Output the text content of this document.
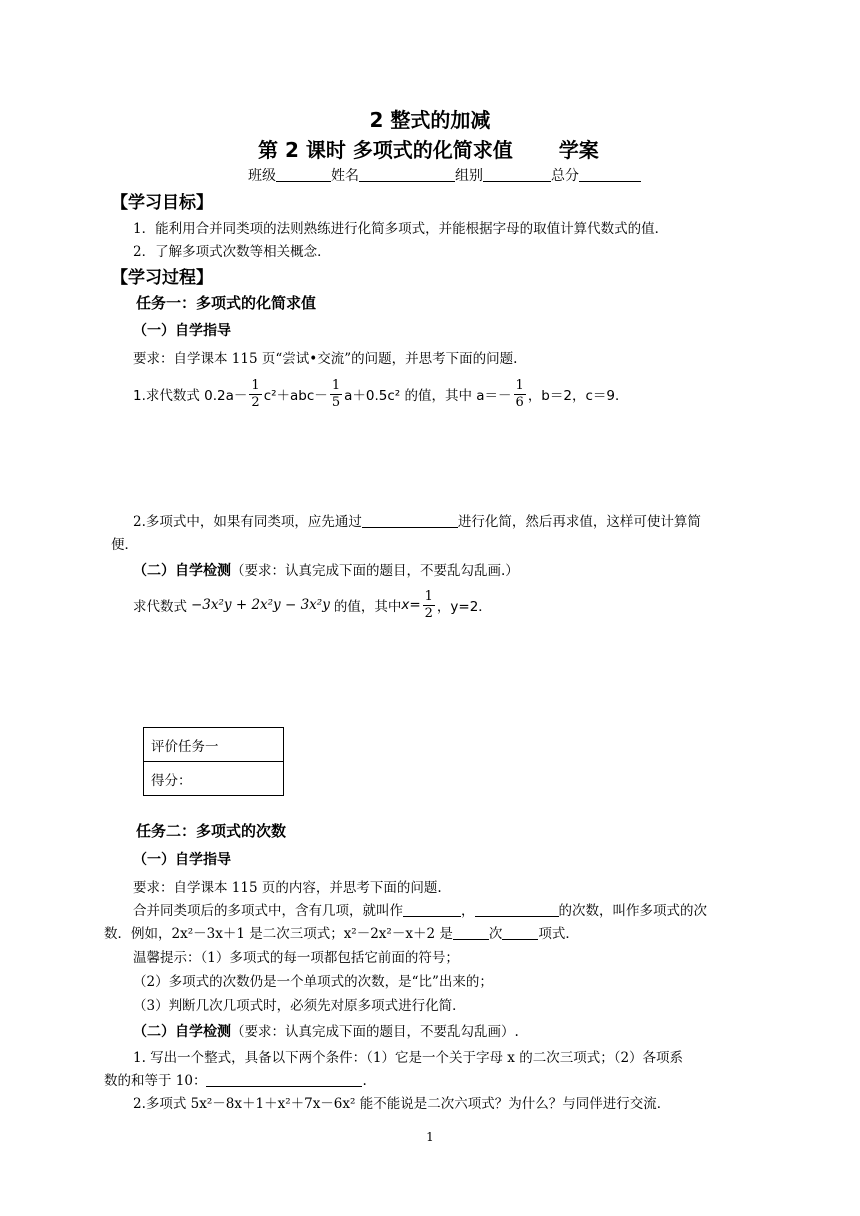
2 整式的加减
第 2 课时 多项式的化简求值 学案
班级	姓名	组别	总分
【学习目标】
1．能利用合并同类项的法则熟练进行化简多项式，并能根据字母的取值计算代数式的值．
2．了解多项式次数等相关概念．
【学习过程】
任务一：多项式的化简求值
（一）自学指导
要求：自学课本 115 页“尝试•交流”的问题，并思考下面的问题.
1.求代数式 $0.2a- \frac{1}{2} c^2+abc- \frac{1}{5} a+0.5c^2$ 的值，其中 $a=- \frac{1}{6}$ ，b＝2，c＝9．
2.多项式中，如果有同类项，应先通过	进行化简，然后再求值，这样可使计算简
便．
（二）自学检测（要求：认真完成下面的题目，不要乱勾乱画.）
求代数式 −3x²y + 2x²y − 3x²y 的值，其中 $x= \frac{1}{2}$ ，y=2．
评价任务一
得分：
任务二：多项式的次数
（一）自学指导
要求：自学课本 115 页的内容，并思考下面的问题.
合并同类项后的多项式中，含有几项，就叫作	，	的次数，叫作多项式的次
数．例如，2x²－3x＋1 是二次三项式；x²－2x²－x＋2 是	次	项式．
温馨提示：（1）多项式的每一项都包括它前面的符号；
（2）多项式的次数仍是一个单项式的次数，是“比”出来的；
（3）判断几次几项式时，必须先对原多项式进行化简．
（二）自学检测（要求：认真完成下面的题目，不要乱勾乱画）.
1. 写出一个整式，具备以下两个条件：（1）它是一个关于字母 x 的二次三项式；（2）各项系
数的和等于 10：	.
2.多项式 5x²－8x＋1＋x²＋7x－6x² 能不能说是二次六项式？为什么？与同伴进行交流．
1
